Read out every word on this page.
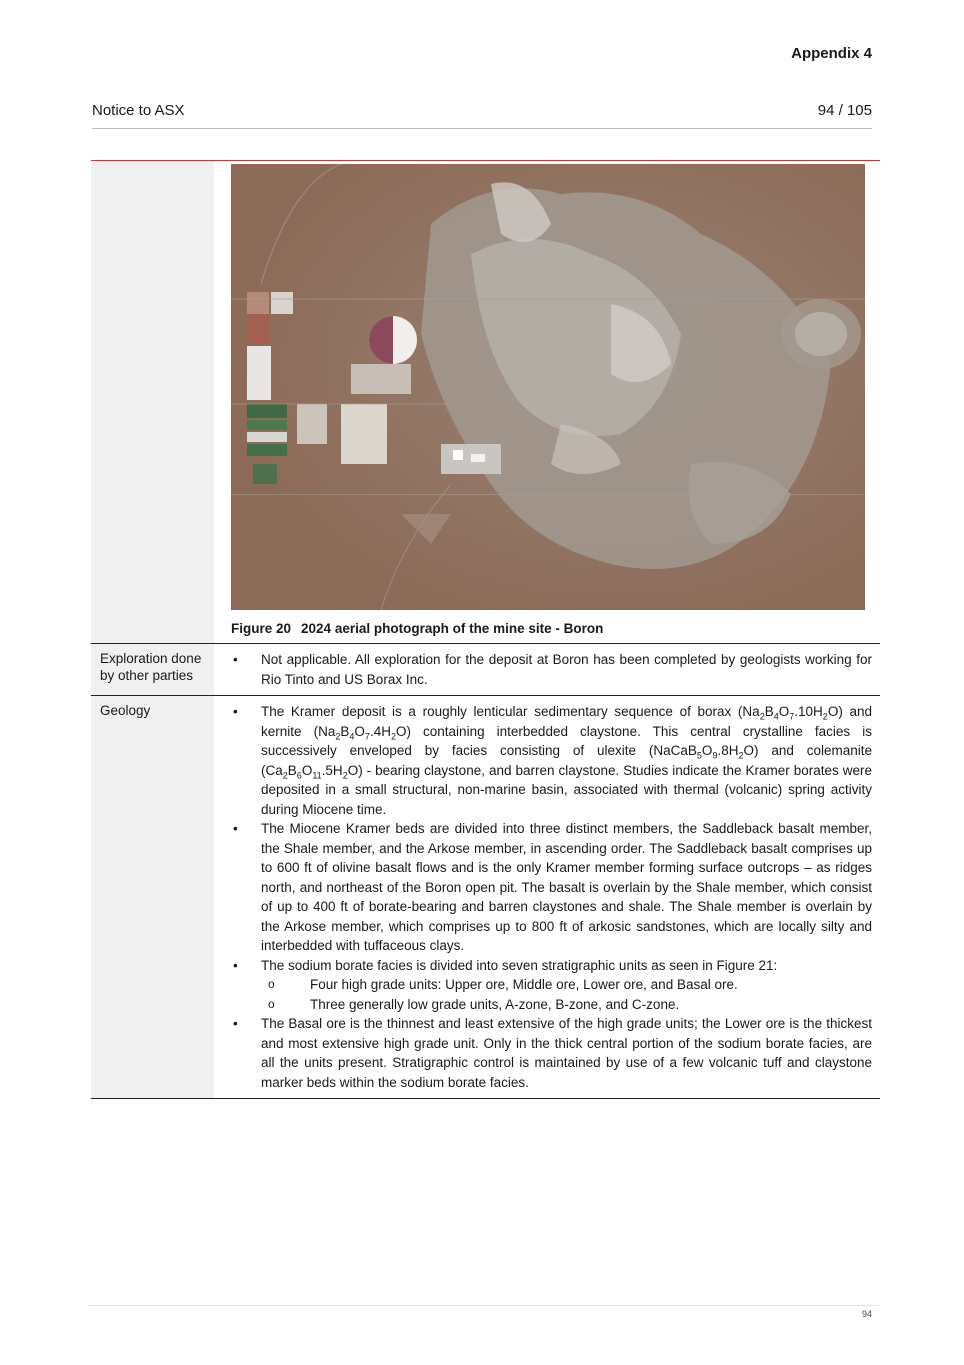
Appendix 4
Notice to ASX	94 / 105
Figure 20 2024 aerial photograph of the mine site - Boron
Exploration done by other parties
• Not applicable. All exploration for the deposit at Boron has been completed by geologists working for Rio Tinto and US Borax Inc.
Geology
•	The Kramer deposit is a roughly lenticular sedimentary sequence of borax $(Na_2B_4O_7.10H_2O)$ and kernite $(Na_2B_4O_7.4H_2O)$ containing interbedded claystone. This central crystalline facies is successively enveloped by facies consisting of ulexite $(NaCaB_5O_9.8H_2O)$ and colemanite $(Ca_2B_6O_{11}.5H_2O)$ - bearing claystone, and barren claystone. Studies indicate the Kramer borates were deposited in a small structural, non-marine basin, associated with thermal (volcanic) spring activity during Miocene time.
• The Miocene Kramer beds are divided into three distinct members, the Saddleback basalt member, the Shale member, and the Arkose member, in ascending order. The Saddleback basalt comprises up to 600 ft of olivine basalt flows and is the only Kramer member forming surface outcrops – as ridges north, and northeast of the Boron open pit. The basalt is overlain by the Shale member, which consist of up to 400 ft of borate-bearing and barren claystones and shale. The Shale member is overlain by the Arkose member, which comprises up to 800 ft of arkosic sandstones, which are locally silty and interbedded with tuffaceous clays.
• The sodium borate facies is divided into seven stratigraphic units as seen in Figure 21:
o Four high grade units: Upper ore, Middle ore, Lower ore, and Basal ore.
o Three generally low grade units, A-zone, B-zone, and C-zone.
• The Basal ore is the thinnest and least extensive of the high grade units; the Lower ore is the thickest and most extensive high grade unit. Only in the thick central portion of the sodium borate facies, are all the units present. Stratigraphic control is maintained by use of a few volcanic tuff and claystone marker beds within the sodium borate facies.
94
